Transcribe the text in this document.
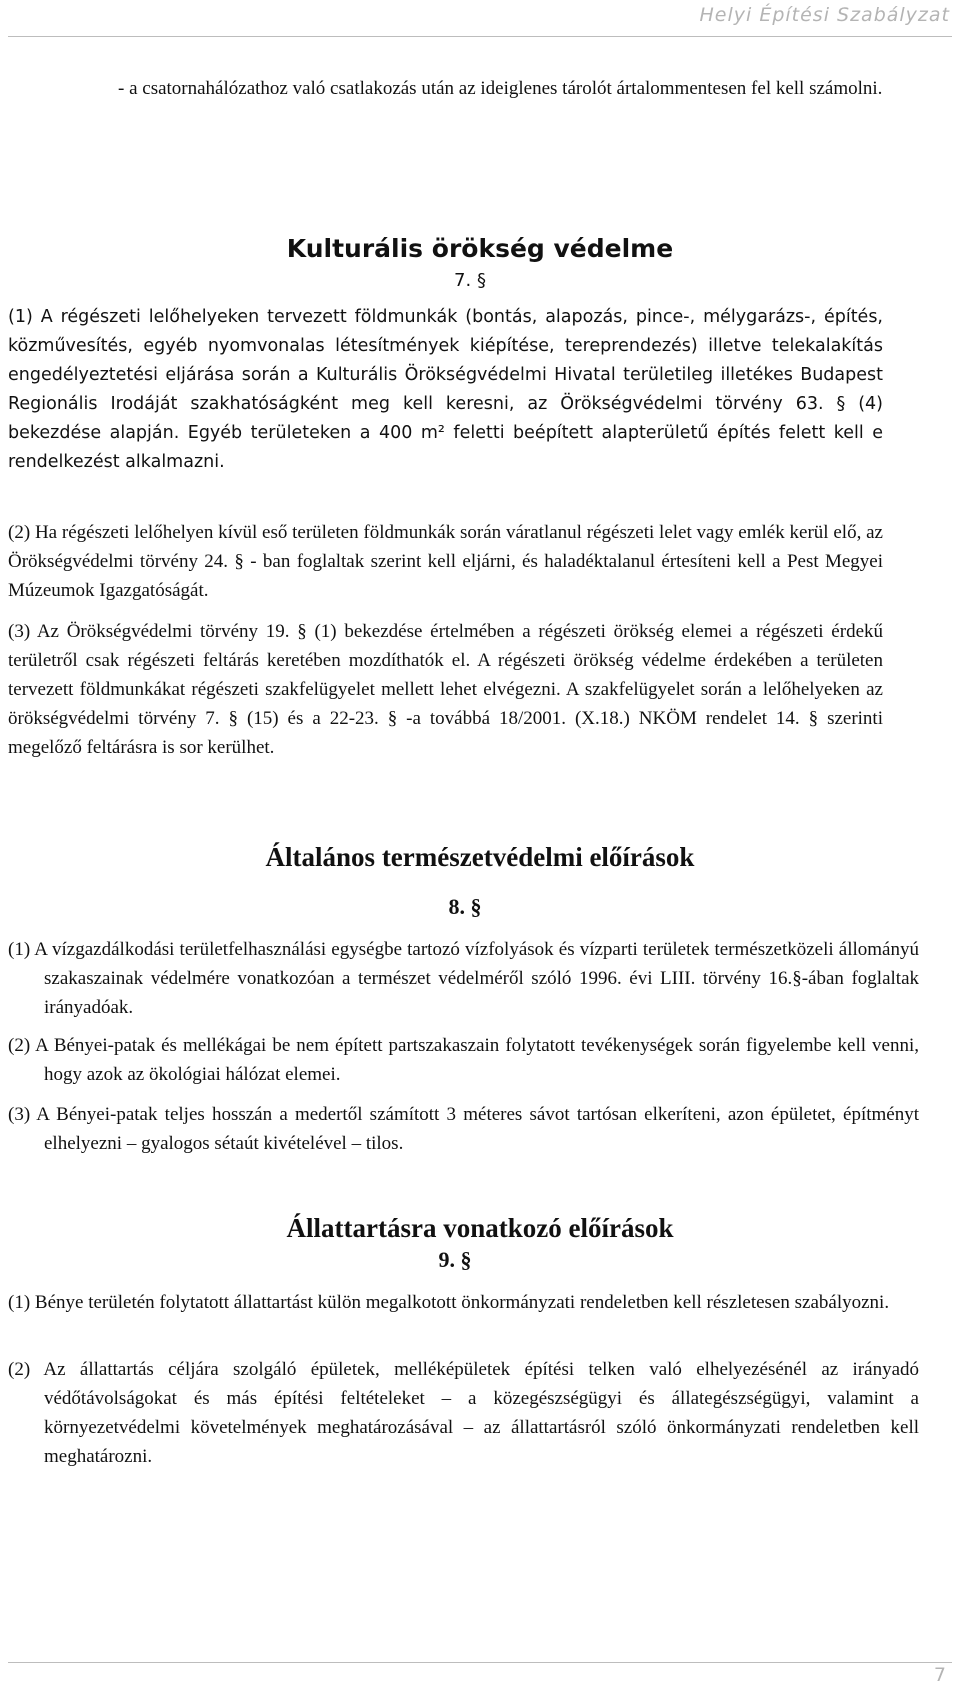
Helyi Építési Szabályzat

- a csatornahálózathoz való csatlakozás után az ideiglenes tárolót ártalommentesen fel kell számolni.

Kulturális örökség védelme
7. §

(1) A régészeti lelőhelyeken tervezett földmunkák (bontás, alapozás, pince-, mélygarázs-, építés, közművesítés, egyéb nyomvonalas létesítmények kiépítése, tereprendezés) illetve telekalakítás engedélyeztetési eljárása során a Kulturális Örökségvédelmi Hivatal területileg illetékes Budapest Regionális Irodáját szakhatóságként meg kell keresni, az Örökségvédelmi törvény 63. § (4) bekezdése alapján. Egyéb területeken a 400 m² feletti beépített alapterületű építés felett kell e rendelkezést alkalmazni.

(2) Ha régészeti lelőhelyen kívül eső területen földmunkák során váratlanul régészeti lelet vagy emlék kerül elő, az Örökségvédelmi törvény 24. § - ban foglaltak szerint kell eljárni, és haladéktalanul értesíteni kell a Pest Megyei Múzeumok Igazgatóságát.

(3) Az Örökségvédelmi törvény 19. § (1) bekezdése értelmében a régészeti örökség elemei a régészeti érdekű területről csak régészeti feltárás keretében mozdíthatók el. A régészeti örökség védelme érdekében a területen tervezett földmunkákat régészeti szakfelügyelet mellett lehet elvégezni. A szakfelügyelet során a lelőhelyeken az örökségvédelmi törvény 7. § (15) és a 22-23. § -a továbbá 18/2001. (X.18.) NKÖM rendelet 14. § szerinti megelőző feltárásra is sor kerülhet.

Általános természetvédelmi előírások
8. §

(1) A vízgazdálkodási területfelhasználási egységbe tartozó vízfolyások és vízparti területek természetközeli állományú szakaszainak védelmére vonatkozóan a természet védelméről szóló 1996. évi LIII. törvény 16.§-ában foglaltak irányadóak.

(2) A Bényei-patak és mellékágai be nem épített partszakaszain folytatott tevékenységek során figyelembe kell venni, hogy azok az ökológiai hálózat elemei.

(3) A Bényei-patak teljes hosszán a medertől számított 3 méteres sávot tartósan elkeríteni, azon épületet, építményt elhelyezni – gyalogos sétaút kivételével – tilos.

Állattartásra vonatkozó előírások
9. §

(1) Bénye területén folytatott állattartást külön megalkotott önkormányzati rendeletben kell részletesen szabályozni.

(2) Az állattartás céljára szolgáló épületek, melléképületek építési telken való elhelyezésénél az irányadó védőtávolságokat és más építési feltételeket – a közegészségügyi és állategészségügyi, valamint a környezetvédelmi követelmények meghatározásával – az állattartásról szóló önkormányzati rendeletben kell meghatározni.

7
